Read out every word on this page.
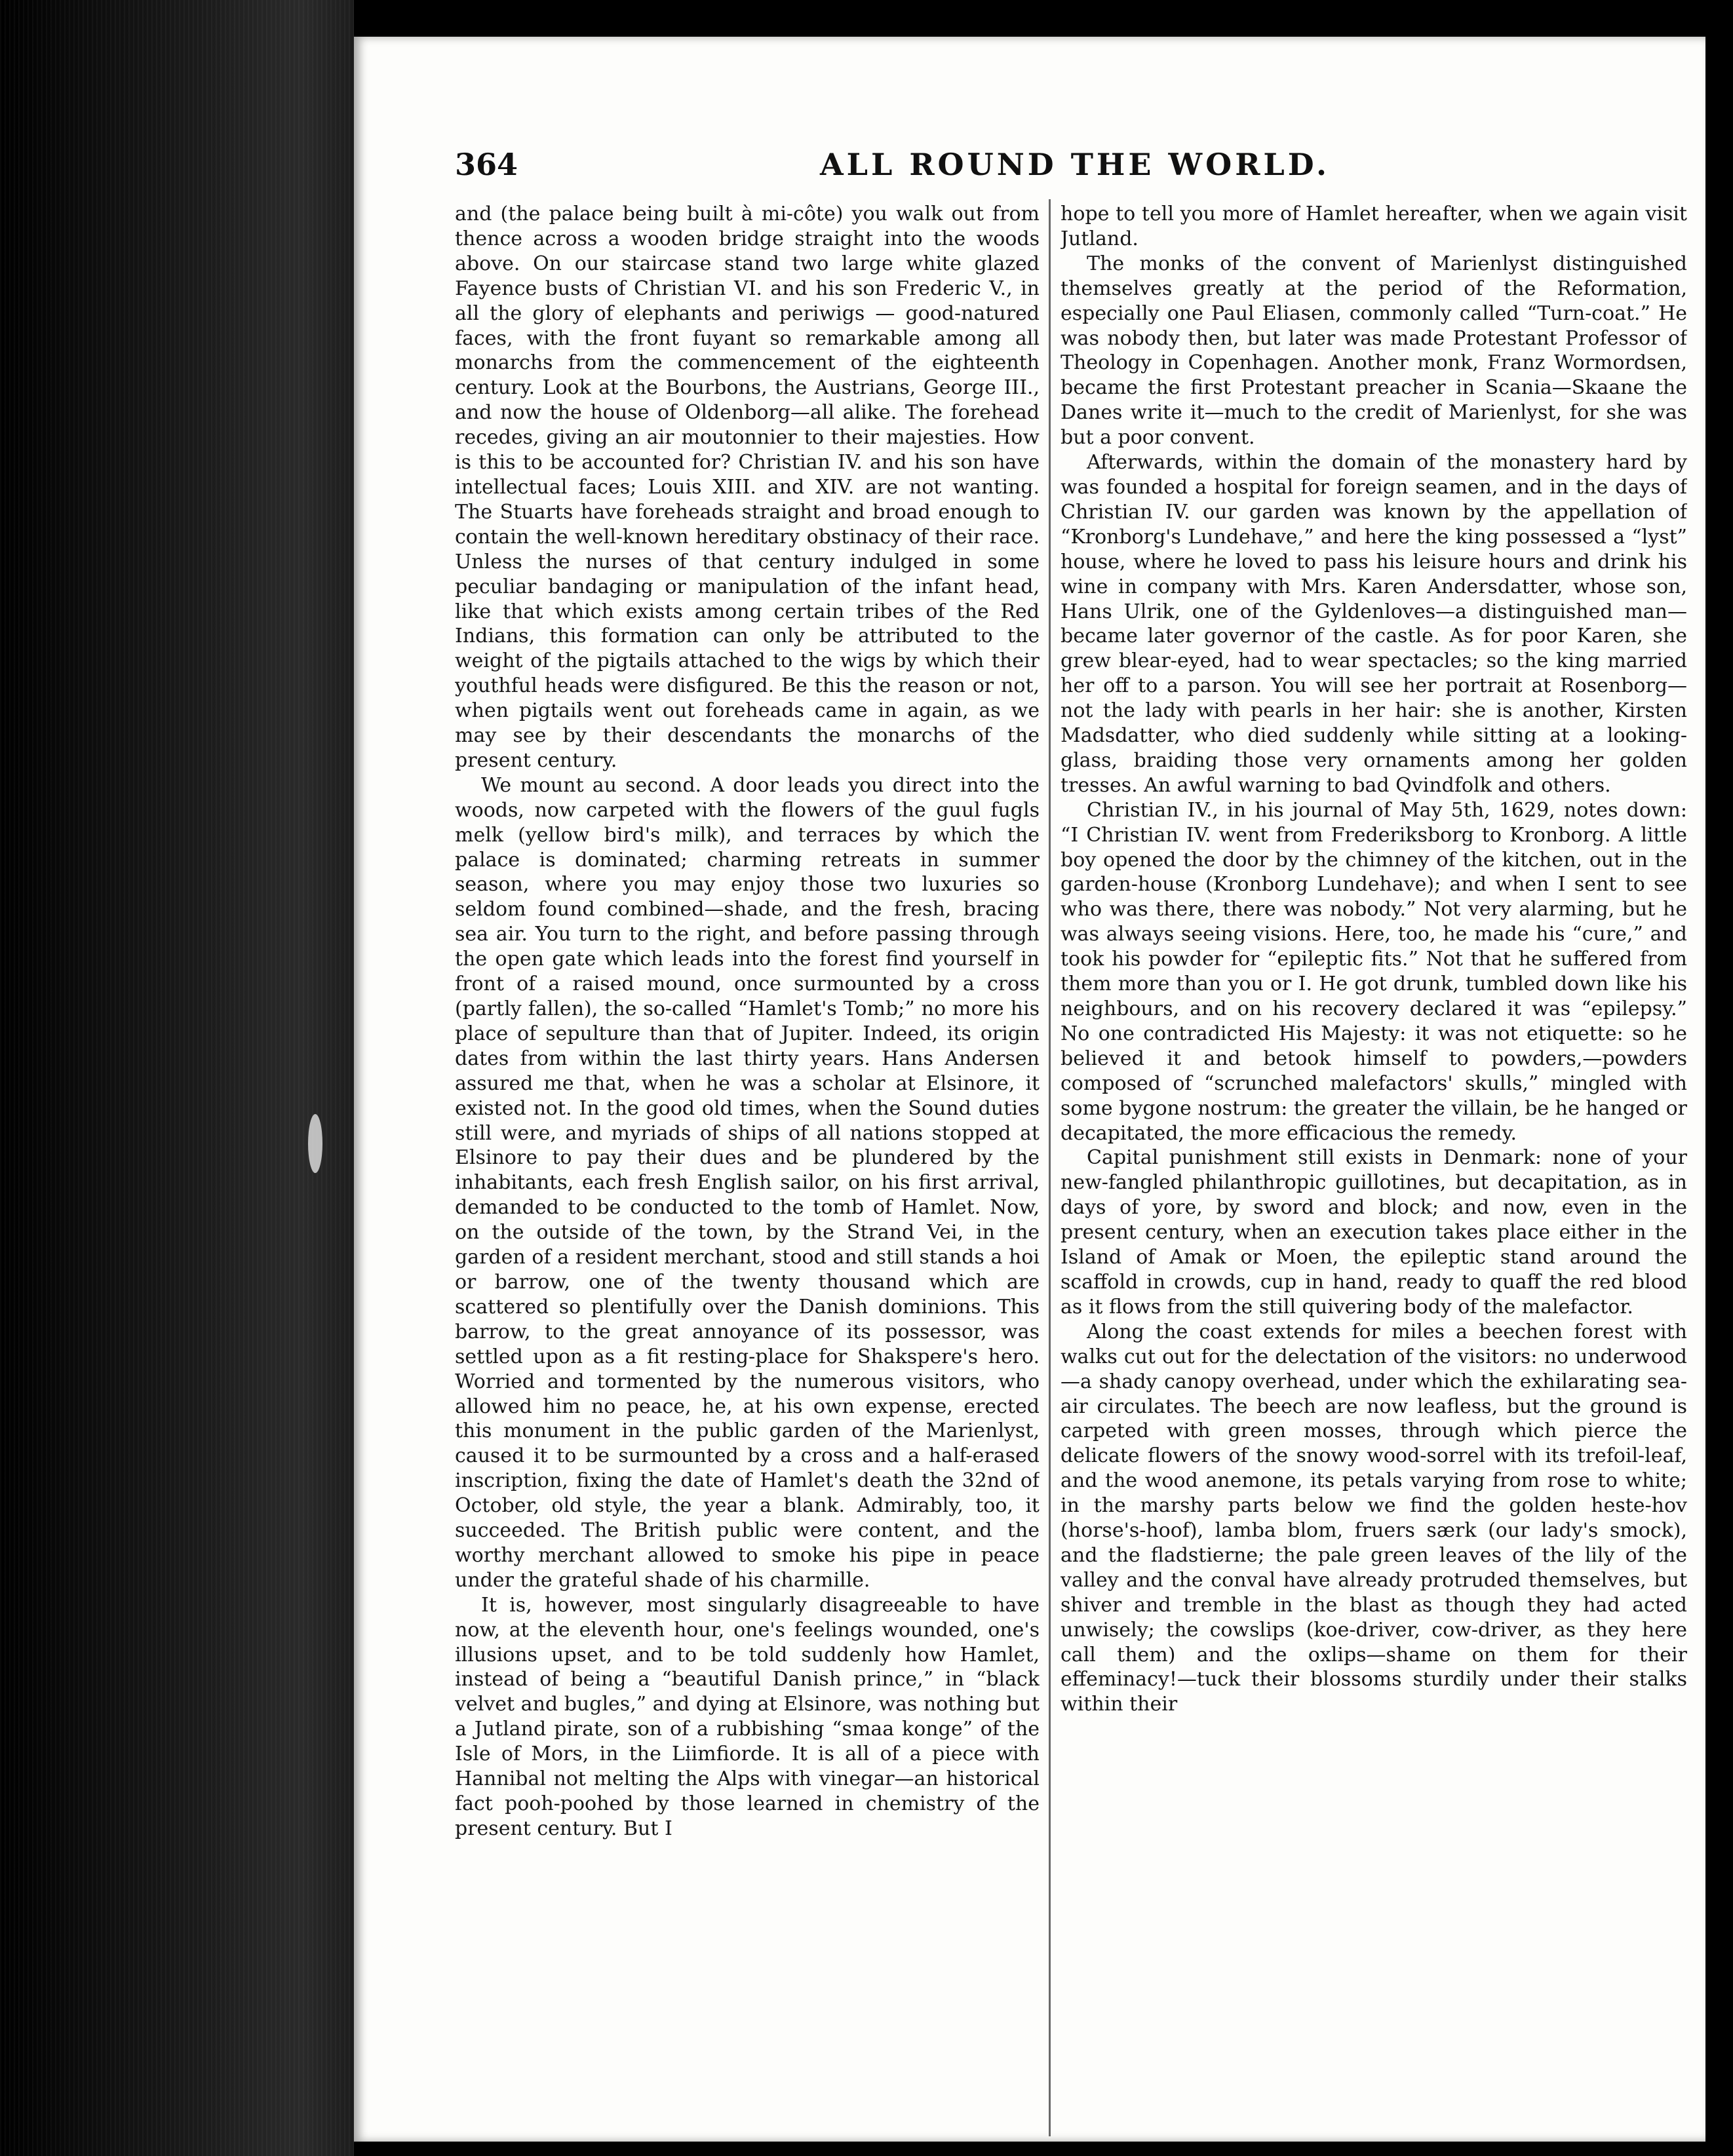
364	ALL ROUND THE WORLD.

and (the palace being built à mi-côte) you walk out from thence across a wooden bridge straight into the woods above. On our staircase stand two large white glazed Fayence busts of Christian VI. and his son Frederic V., in all the glory of elephants and periwigs — good-natured faces, with the front fuyant so remarkable among all monarchs from the commencement of the eighteenth century. Look at the Bourbons, the Austrians, George III., and now the house of Oldenborg—all alike. The forehead recedes, giving an air moutonnier to their majesties. How is this to be accounted for? Christian IV. and his son have intellectual faces; Louis XIII. and XIV. are not wanting. The Stuarts have foreheads straight and broad enough to contain the well-known hereditary obstinacy of their race. Unless the nurses of that century indulged in some peculiar bandaging or manipulation of the infant head, like that which exists among certain tribes of the Red Indians, this formation can only be attributed to the weight of the pigtails attached to the wigs by which their youthful heads were disfigured. Be this the reason or not, when pigtails went out foreheads came in again, as we may see by their descendants the monarchs of the present century.

We mount au second. A door leads you direct into the woods, now carpeted with the flowers of the guul fugls melk (yellow bird's milk), and terraces by which the palace is dominated; charming retreats in summer season, where you may enjoy those two luxuries so seldom found combined—shade, and the fresh, bracing sea air. You turn to the right, and before passing through the open gate which leads into the forest find yourself in front of a raised mound, once surmounted by a cross (partly fallen), the so-called “Hamlet's Tomb;” no more his place of sepulture than that of Jupiter. Indeed, its origin dates from within the last thirty years. Hans Andersen assured me that, when he was a scholar at Elsinore, it existed not. In the good old times, when the Sound duties still were, and myriads of ships of all nations stopped at Elsinore to pay their dues and be plundered by the inhabitants, each fresh English sailor, on his first arrival, demanded to be conducted to the tomb of Hamlet. Now, on the outside of the town, by the Strand Vei, in the garden of a resident merchant, stood and still stands a hoi or barrow, one of the twenty thousand which are scattered so plentifully over the Danish dominions. This barrow, to the great annoyance of its possessor, was settled upon as a fit resting-place for Shakspere's hero. Worried and tormented by the numerous visitors, who allowed him no peace, he, at his own expense, erected this monument in the public garden of the Marienlyst, caused it to be surmounted by a cross and a half-erased inscription, fixing the date of Hamlet's death the 32nd of October, old style, the year a blank. Admirably, too, it succeeded. The British public were content, and the worthy merchant allowed to smoke his pipe in peace under the grateful shade of his charmille.

It is, however, most singularly disagreeable to have now, at the eleventh hour, one's feelings wounded, one's illusions upset, and to be told suddenly how Hamlet, instead of being a “beautiful Danish prince,” in “black velvet and bugles,” and dying at Elsinore, was nothing but a Jutland pirate, son of a rubbishing “smaa konge” of the Isle of Mors, in the Liimfiorde. It is all of a piece with Hannibal not melting the Alps with vinegar—an historical fact pooh-poohed by those learned in chemistry of the present century. But I

hope to tell you more of Hamlet hereafter, when we again visit Jutland.

The monks of the convent of Marienlyst distinguished themselves greatly at the period of the Reformation, especially one Paul Eliasen, commonly called “Turn-coat.” He was nobody then, but later was made Protestant Professor of Theology in Copenhagen. Another monk, Franz Wormordsen, became the first Protestant preacher in Scania—Skaane the Danes write it—much to the credit of Marienlyst, for she was but a poor convent.

Afterwards, within the domain of the monastery hard by was founded a hospital for foreign seamen, and in the days of Christian IV. our garden was known by the appellation of “Kronborg's Lundehave,” and here the king possessed a “lyst” house, where he loved to pass his leisure hours and drink his wine in company with Mrs. Karen Andersdatter, whose son, Hans Ulrik, one of the Gyldenloves—a distinguished man—became later governor of the castle. As for poor Karen, she grew blear-eyed, had to wear spectacles; so the king married her off to a parson. You will see her portrait at Rosenborg—not the lady with pearls in her hair: she is another, Kirsten Madsdatter, who died suddenly while sitting at a looking-glass, braiding those very ornaments among her golden tresses. An awful warning to bad Qvindfolk and others.

Christian IV., in his journal of May 5th, 1629, notes down: “I Christian IV. went from Frederiksborg to Kronborg. A little boy opened the door by the chimney of the kitchen, out in the garden-house (Kronborg Lundehave); and when I sent to see who was there, there was nobody.” Not very alarming, but he was always seeing visions. Here, too, he made his “cure,” and took his powder for “epileptic fits.” Not that he suffered from them more than you or I. He got drunk, tumbled down like his neighbours, and on his recovery declared it was “epilepsy.” No one contradicted His Majesty: it was not etiquette: so he believed it and betook himself to powders,—powders composed of “scrunched malefactors' skulls,” mingled with some bygone nostrum: the greater the villain, be he hanged or decapitated, the more efficacious the remedy.

Capital punishment still exists in Denmark: none of your new-fangled philanthropic guillotines, but decapitation, as in days of yore, by sword and block; and now, even in the present century, when an execution takes place either in the Island of Amak or Moen, the epileptic stand around the scaffold in crowds, cup in hand, ready to quaff the red blood as it flows from the still quivering body of the malefactor.

Along the coast extends for miles a beechen forest with walks cut out for the delectation of the visitors: no underwood—a shady canopy overhead, under which the exhilarating sea-air circulates. The beech are now leafless, but the ground is carpeted with green mosses, through which pierce the delicate flowers of the snowy wood-sorrel with its trefoil-leaf, and the wood anemone, its petals varying from rose to white; in the marshy parts below we find the golden heste-hov (horse's-hoof), lamba blom, fruers særk (our lady's smock), and the fladstierne; the pale green leaves of the lily of the valley and the conval have already protruded themselves, but shiver and tremble in the blast as though they had acted unwisely; the cowslips (koe-driver, cow-driver, as they here call them) and the oxlips—shame on them for their effeminacy!—tuck their blossoms sturdily under their stalks within their
